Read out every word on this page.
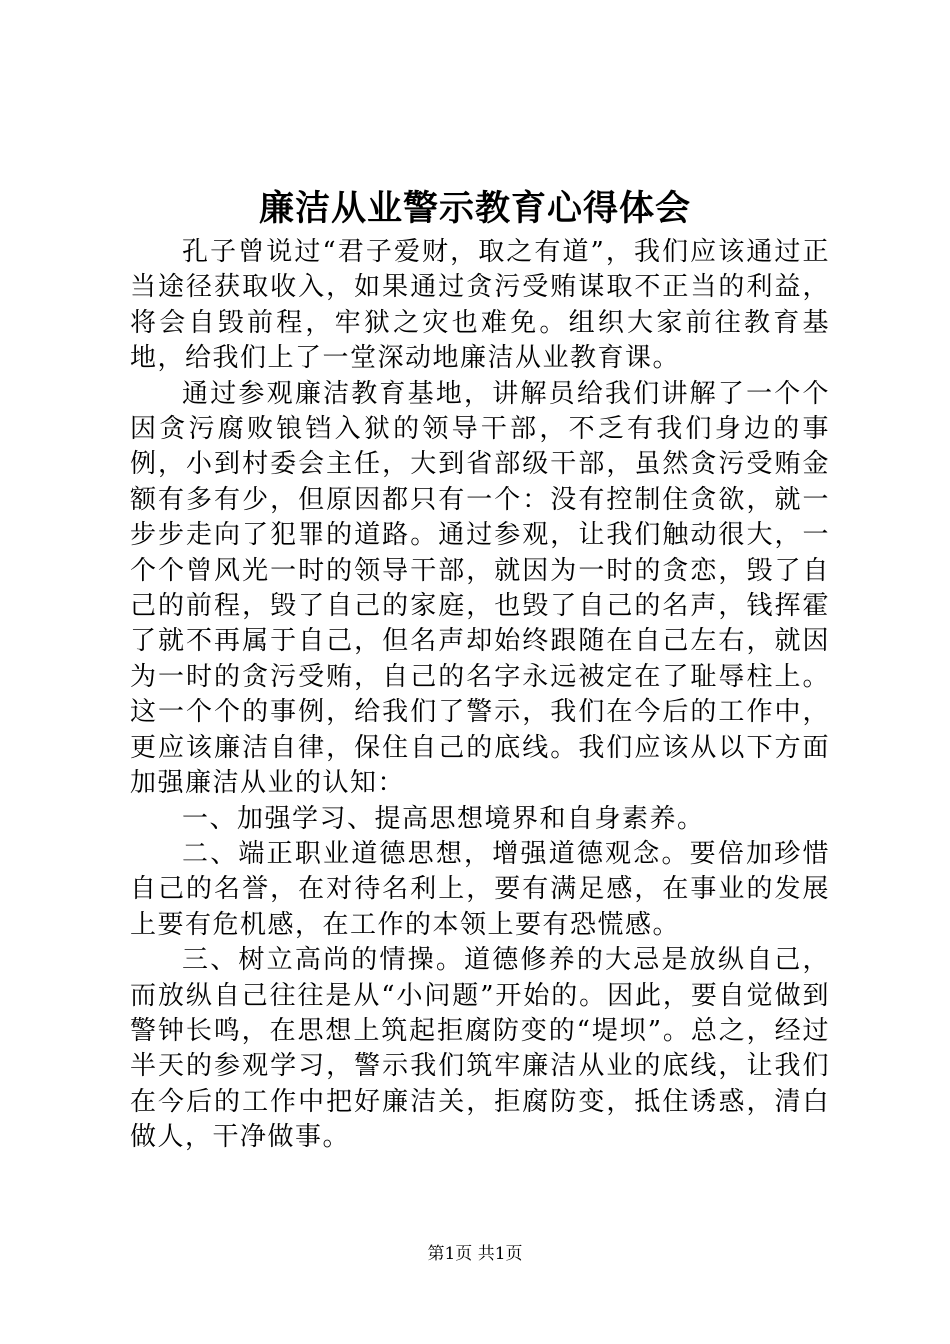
廉洁从业警示教育心得体会

孔子曾说过“君子爱财，取之有道”，我们应该通过正当途径获取收入，如果通过贪污受贿谋取不正当的利益，将会自毁前程，牢狱之灾也难免。组织大家前往教育基地，给我们上了一堂深动地廉洁从业教育课。

通过参观廉洁教育基地，讲解员给我们讲解了一个个因贪污腐败锒铛入狱的领导干部，不乏有我们身边的事例，小到村委会主任，大到省部级干部，虽然贪污受贿金额有多有少，但原因都只有一个：没有控制住贪欲，就一步步走向了犯罪的道路。通过参观，让我们触动很大，一个个曾风光一时的领导干部，就因为一时的贪恋，毁了自己的前程，毁了自己的家庭，也毁了自己的名声，钱挥霍了就不再属于自己，但名声却始终跟随在自己左右，就因为一时的贪污受贿，自己的名字永远被定在了耻辱柱上。这一个个的事例，给我们了警示，我们在今后的工作中，更应该廉洁自律，保住自己的底线。我们应该从以下方面加强廉洁从业的认知：

一、加强学习、提高思想境界和自身素养。

二、端正职业道德思想，增强道德观念。要倍加珍惜自己的名誉，在对待名利上，要有满足感，在事业的发展上要有危机感，在工作的本领上要有恐慌感。

三、树立高尚的情操。道德修养的大忌是放纵自己，而放纵自己往往是从“小问题”开始的。因此，要自觉做到警钟长鸣，在思想上筑起拒腐防变的“堤坝”。总之，经过半天的参观学习，警示我们筑牢廉洁从业的底线，让我们在今后的工作中把好廉洁关，拒腐防变，抵住诱惑，清白做人，干净做事。

第1页 共1页
